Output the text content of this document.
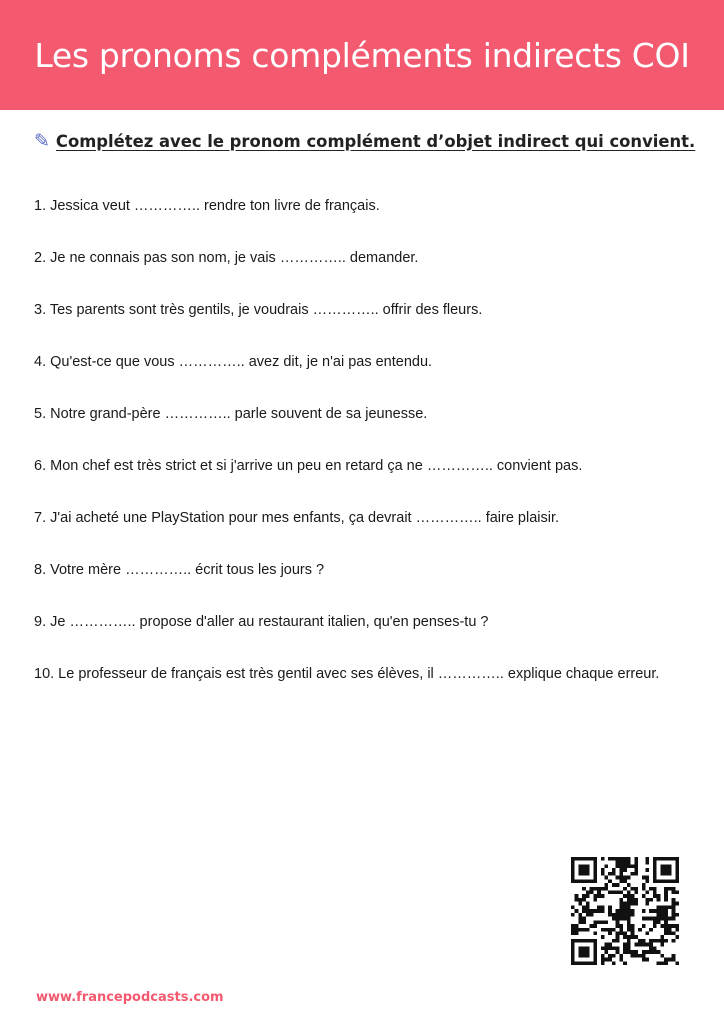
Les pronoms compléments indirects COI
✎ Complétez avec le pronom complément d’objet indirect qui convient.

1. Jessica veut ………….. rendre ton livre de français.

2. Je ne connais pas son nom, je vais ………….. demander.

3. Tes parents sont très gentils, je voudrais ………….. offrir des fleurs.

4. Qu'est-ce que vous ………….. avez dit, je n'ai pas entendu.

5. Notre grand-père ………….. parle souvent de sa jeunesse.

6. Mon chef est très strict et si j'arrive un peu en retard ça ne ………….. convient pas.

7. J'ai acheté une PlayStation pour mes enfants, ça devrait ………….. faire plaisir.

8. Votre mère ………….. écrit tous les jours ?

9. Je ………….. propose d'aller au restaurant italien, qu'en penses-tu ?

10. Le professeur de français est très gentil avec ses élèves, il ………….. explique chaque erreur.

www.francepodcasts.com
